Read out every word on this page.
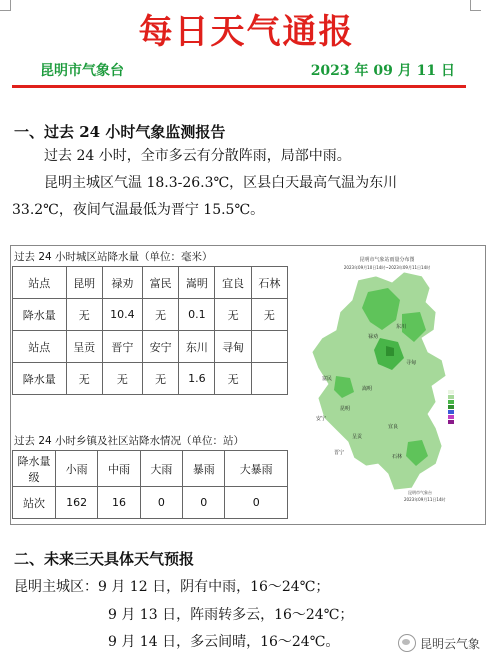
每日天气通报
昆明市气象台	2023 年 09 月 11 日
一、过去 24 小时气象监测报告
过去 24 小时，全市多云有分散阵雨，局部中雨。
昆明主城区气温 18.3-26.3℃，区县白天最高气温为东川
33.2℃，夜间气温最低为晋宁 15.5℃。
过去 24 小时城区站降水量（单位：毫米）
站点	昆明	禄劝	富民	嵩明	宜良	石林
降水量	无	10.4	无	0.1	无	无
站点	呈贡	晋宁	安宁	东川	寻甸	
降水量	无	无	无	1.6	无	
过去 24 小时乡镇及社区站降水情况（单位：站）
降水量级	小雨	中雨	大雨	暴雨	大暴雨
站次	162	16	0	0	0
昆明市气象站雨量分布图
2023年09月10日14时~2023年09月11日14时
东川
禄劝
寻甸
嵩明
富民
昆明
安宁
呈贡
宜良
晋宁
石林
昆明市气象台
2023年09月11日14时
二、未来三天具体天气预报
昆明主城区：9 月 12 日，阴有中雨，16～24℃；
9 月 13 日，阵雨转多云，16～24℃；
9 月 14 日，多云间晴，16～24℃。	昆明云气象
